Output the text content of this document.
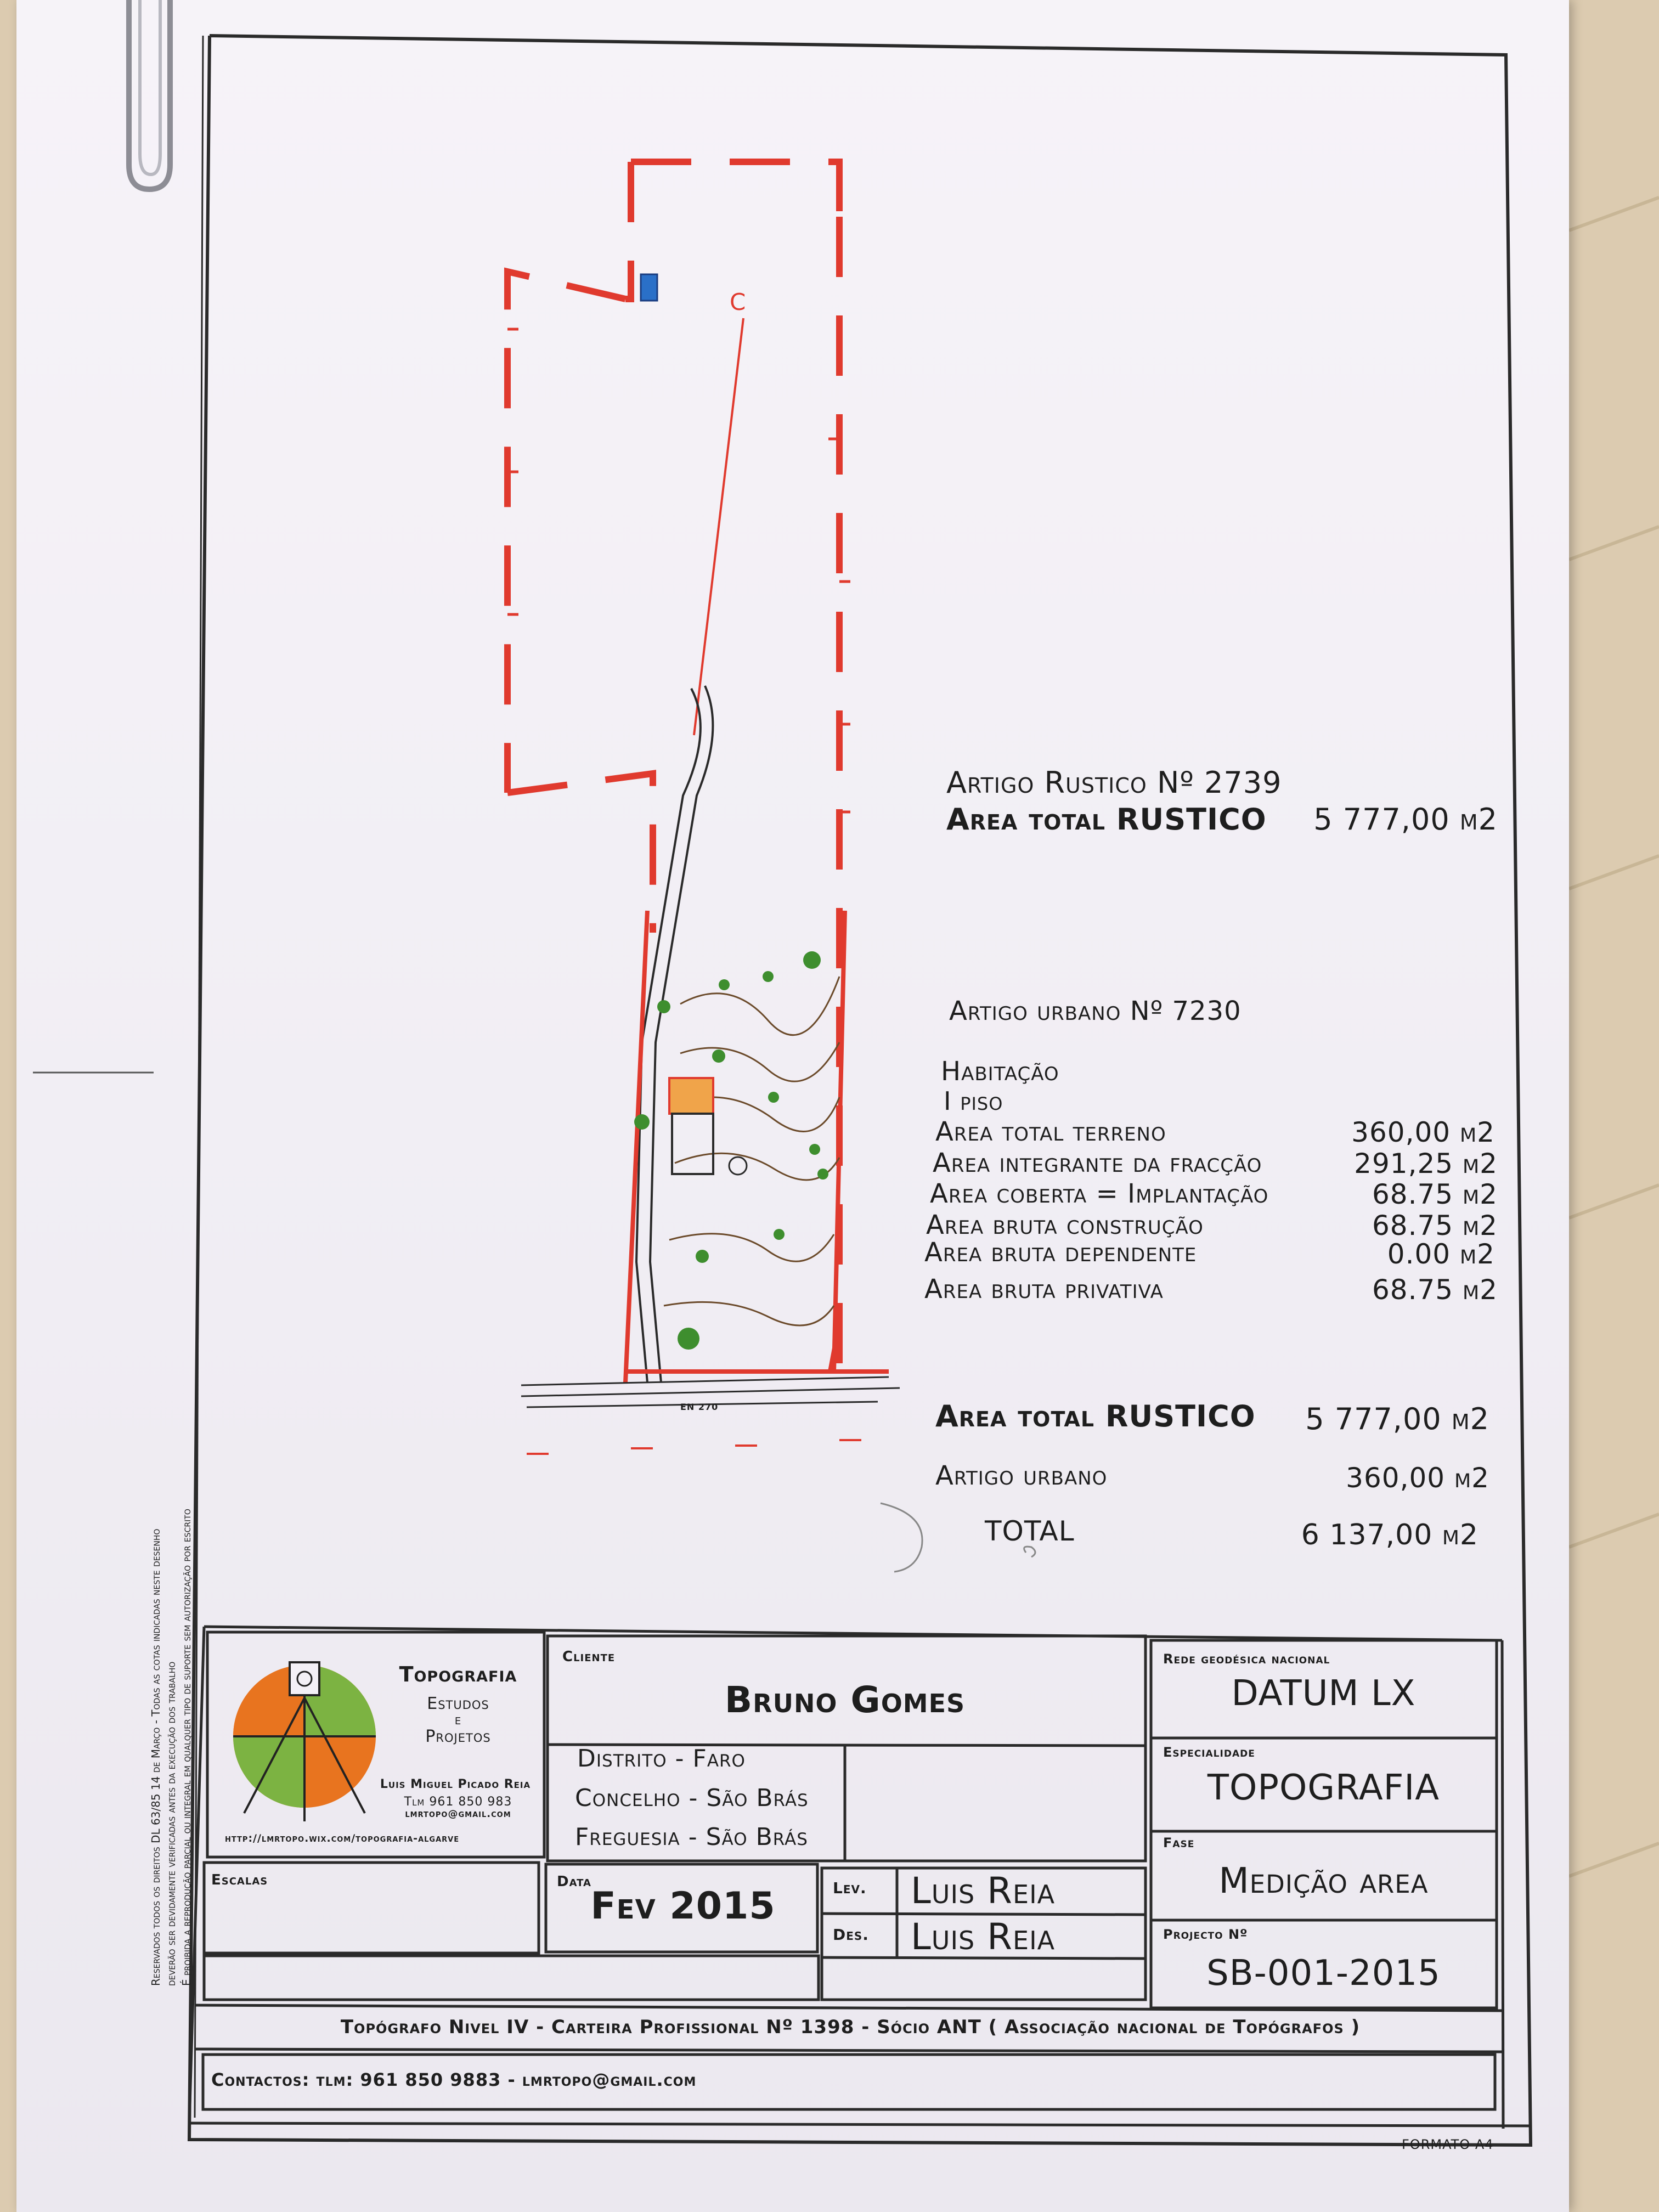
C
Artigo Rustico Nº 2739
Area total RUSTICO	5 777,00 m2
Artigo urbano Nº 7230
Habitação
I piso
Area total terreno	360,00 m2
Area integrante da fracção	291,25 m2
Area coberta = Implantação	68.75 m2
Area bruta construção	68.75 m2
Area bruta dependente	0.00 m2
Area bruta privativa	68.75 m2
Area total RUSTICO	5 777,00 m2
Artigo urbano	360,00 m2
TOTAL	6 137,00 m2
EN 270
Topografia
Estudos
e
Projetos
Luis Miguel Picado Reia
Tlm 961 850 983
lmrtopo@gmail.com
http://lmrtopo.wix.com/topografia-algarve
Cliente
Bruno Gomes
Distrito - Faro
Concelho - São Brás
Freguesia - São Brás
Escalas	Data
Fev 2015	Lev. Luis Reia
Des. Luis Reia
Rede geodésica nacional
DATUM LX
Especialidade
TOPOGRAFIA
Fase
Medição area
Projecto Nº
SB-001-2015
Topógrafo Nivel IV - Carteira Profissional Nº 1398 - Sócio ANT ( Associação nacional de Topógrafos )
Contactos: tlm: 961 850 9883 - lmrtopo@gmail.com
FORMATO A4
Reservados todos os direitos DL 63/85 14 de Março - Todas as cotas indicadas neste desenho deverão ser devidamente verificadas antes da execução dos trabalho É proibida a reprodução parcial ou integral em qualquer tipo de suporte sem autorização por escrito
